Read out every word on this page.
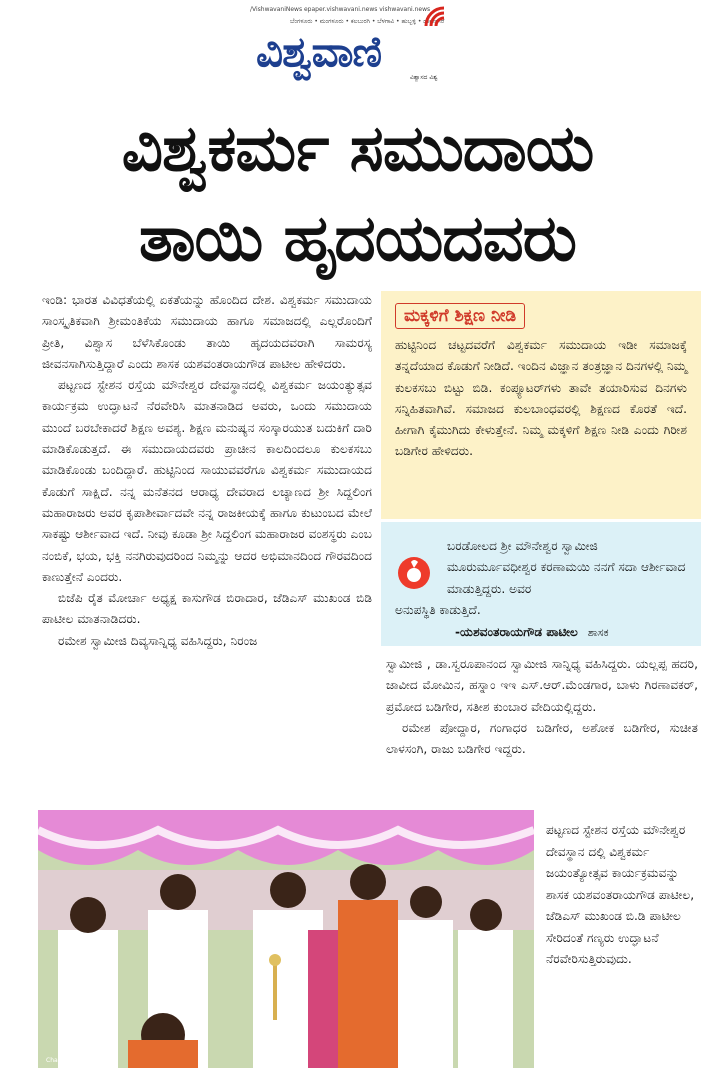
/VishwavaniNews epaper.vishwavani.news vishwavani.news
ಬೆಂಗಳೂರು • ಮಂಗಳೂರು • ಕಲಬುರಗಿ • ಬೆಳಗಾವಿ • ಹುಬ್ಬಳ್ಳಿ • ದಾವಣಗೆರೆ
ವಿಶ್ವವಾಣಿ
ವಿಶ್ವಾಸದ ವಿಶ್ವ
ವಿಶ್ವಕರ್ಮ ಸಮುದಾಯ
ತಾಯಿ ಹೃದಯದವರು

ಇಂಡಿ: ಭಾರತ ವಿವಿಧತೆಯಲ್ಲಿ ಏಕತೆಯನ್ನು ಹೊಂದಿದ ದೇಶ. ವಿಶ್ವಕರ್ಮ ಸಮುದಾಯ ಸಾಂಸ್ಕೃತಿಕವಾಗಿ ಶ್ರೀಮಂತಿಕೆಯ ಸಮುದಾಯ ಹಾಗೂ ಸಮಾಜದಲ್ಲಿ ಎಲ್ಲರೊಂದಿಗೆ ಪ್ರೀತಿ, ವಿಶ್ವಾಸ ಬೆಳೆಸಿಕೊಂಡು ತಾಯಿ ಹೃದಯದವರಾಗಿ ಸಾಮರಸ್ಯ ಜೀವನಸಾಗಿಸುತ್ತಿದ್ದಾರೆ ಎಂದು ಶಾಸಕ ಯಶವಂತರಾಯಗೌಡ ಪಾಟೀಲ ಹೇಳಿದರು.

ಪಟ್ಟಣದ ಸ್ಟೇಶನ ರಸ್ತೆಯ ಮೌನೇಶ್ವರ ದೇವಸ್ಥಾನದಲ್ಲಿ ವಿಶ್ವಕರ್ಮ ಜಯಂತ್ಯುತ್ಸವ ಕಾರ್ಯಕ್ರಮ ಉದ್ಘಾಟನೆ ನೆರವೇರಿಸಿ ಮಾತನಾಡಿದ ಅವರು, ಒಂದು ಸಮುದಾಯ ಮುಂದೆ ಬರಬೇಕಾದರೆ ಶಿಕ್ಷಣ ಅವಶ್ಯ. ಶಿಕ್ಷಣ ಮನುಷ್ಯನ ಸಂಸ್ಕಾರಯುತ ಬದುಕಿಗೆ ದಾರಿ ಮಾಡಿಕೊಡುತ್ತದೆ. ಈ ಸಮುದಾಯದವರು ಪ್ರಾಚೀನ ಕಾಲದಿಂದಲೂ ಕುಲಕಸಬು ಮಾಡಿಕೊಂಡು ಬಂದಿದ್ದಾರೆ. ಹುಟ್ಟಿನಿಂದ ಸಾಯುವವರೆಗೂ ವಿಶ್ವಕರ್ಮ ಸಮುದಾಯದ ಕೊಡುಗೆ ಸಾಕ್ಷಿದೆ. ನನ್ನ ಮನೆತನದ ಆರಾಧ್ಯ ದೇವರಾದ ಲಚ್ಯಾಣದ ಶ್ರೀ ಸಿದ್ದಲಿಂಗ ಮಹಾರಾಜರು ಅವರ ಕೃಪಾಶೀರ್ವಾದವೇ ನನ್ನ ರಾಜಕೀಯಕ್ಕೆ ಹಾಗೂ ಕುಟುಂಬದ ಮೇಲೆ ಸಾಕಷ್ಟು ಆರ್ಶೀವಾದ ಇದೆ. ನೀವು ಕೂಡಾ ಶ್ರೀ ಸಿದ್ದಲಿಂಗ ಮಹಾರಾಜರ ವಂಶಸ್ಥರು ಎಂಬ ನಂಬಿಕೆ, ಭಯ, ಭಕ್ತಿ ನನಗಿರುವುದರಿಂದ ನಿಮ್ಮನ್ನು ಆದರ ಅಭಿಮಾನದಿಂದ ಗೌರವದಿಂದ ಕಾಣುತ್ತೇನೆ ಎಂದರು.

ಬಿಜೆಪಿ ರೈತ ಮೋರ್ಚಾ ಅಧ್ಯಕ್ಷ ಕಾಸುಗೌಡ ಬಿರಾದಾರ, ಜೆಡಿಎಸ್ ಮುಖಂಡ ಬಿಡಿ ಪಾಟೀಲ ಮಾತನಾಡಿದರು.

ರಮೇಶ ಸ್ವಾಮೀಜಿ ದಿವ್ಯಸಾನ್ನಿಧ್ಯ ವಹಿಸಿದ್ದರು, ನಿರಂಜ

ಮಕ್ಕಳಿಗೆ ಶಿಕ್ಷಣ ನೀಡಿ
ಹುಟ್ಟಿನಿಂದ ಚಟ್ಟದವರೆಗೆ ವಿಶ್ವಕರ್ಮ ಸಮುದಾಯ ಇಡೀ ಸಮಾಜಕ್ಕೆ ತನ್ನದೆಯಾದ ಕೊಡುಗೆ ನೀಡಿದೆ. ಇಂದಿನ ವಿಜ್ಞಾನ ತಂತ್ರಜ್ಞಾನ ದಿನಗಳಲ್ಲಿ ನಿಮ್ಮ ಕುಲಕಸಬು ಬಿಟ್ಟು ಬಿಡಿ. ಕಂಪ್ಯೂಟರ್‌ಗಳು ತಾವೇ ತಯಾರಿಸುವ ದಿನಗಳು ಸನ್ನಿಹಿತವಾಗಿವೆ. ಸಮಾಜದ ಕುಲಬಾಂಧವರಲ್ಲಿ ಶಿಕ್ಷಣದ ಕೊರತೆ ಇದೆ. ಹೀಗಾಗಿ ಕೈಮುಗಿದು ಕೇಳುತ್ತೇನೆ. ನಿಮ್ಮ ಮಕ್ಕಳಿಗೆ ಶಿಕ್ಷಣ ನೀಡಿ ಎಂದು ಗಿರೀಶ ಬಡಿಗೇರ ಹೇಳಿದರು.
ಬರಡೋಲದ ಶ್ರೀ ಮೌನೇಶ್ವರ ಸ್ವಾಮೀಜಿ ಮೂರುರ್ಮೂವಧೀಶ್ವರ ಕರಣಾಮಯಿ ನನಗೆ ಸದಾ ಆರ್ಶೀವಾದ ಮಾಡುತ್ತಿದ್ದರು. ಅವರ
ಅನುಪಸ್ಥಿತಿ ಕಾಡುತ್ತಿದೆ.
-ಯಶವಂತರಾಯಗೌಡ ಪಾಟೀಲ ಶಾಸಕ

ಸ್ವಾಮೀಜಿ , ಡಾ.ಸ್ವರೂಪಾನಂದ ಸ್ವಾಮೀಜಿ ಸಾನ್ನಿಧ್ಯ ವಹಿಸಿದ್ದರು. ಯಲ್ಲಪ್ಪ ಹದರಿ, ಜಾವೀದ ಮೋಮಿನ, ಹಸ್ನಾಂ ಇಇ ಎಸ್.ಆರ್.ಮೆಂಡಗಾರ, ಬಾಳು ಗಿರಣಾವಕರ್, ಪ್ರಮೋದ ಬಡಿಗೇರ, ಸತೀಶ ಕುಂಬಾರ ವೇದಿಯಲ್ಲಿದ್ದರು.

ರಮೇಶ ಪೋದ್ದಾರ, ಗಂಗಾಧರ ಬಡಿಗೇರ, ಅಶೋಕ ಬಡಿಗೇರ, ಸುಚೀತ ಲಾಳಸಂಗಿ, ರಾಜು ಬಡಿಗೇರ ಇದ್ದರು.

Chanda
ಪಟ್ಟಣದ ಸ್ಟೇಶನ ರಸ್ತೆಯ ಮೌನೇಶ್ವರ ದೇವಸ್ಥಾನ ದಲ್ಲಿ ವಿಶ್ವಕರ್ಮ ಜಯಂತ್ಯೋತ್ಸವ ಕಾರ್ಯಕ್ರಮವನ್ನು ಶಾಸಕ ಯಶವಂತರಾಯಗೌಡ ಪಾಟೀಲ, ಜೆಡಿಎಸ್ ಮುಖಂಡ ಬಿ.ಡಿ ಪಾಟೀಲ ಸೇರಿದಂತೆ ಗಣ್ಯರು ಉದ್ಘಾಟನೆ ನೆರವೇರಿಸುತ್ತಿರುವುದು.
